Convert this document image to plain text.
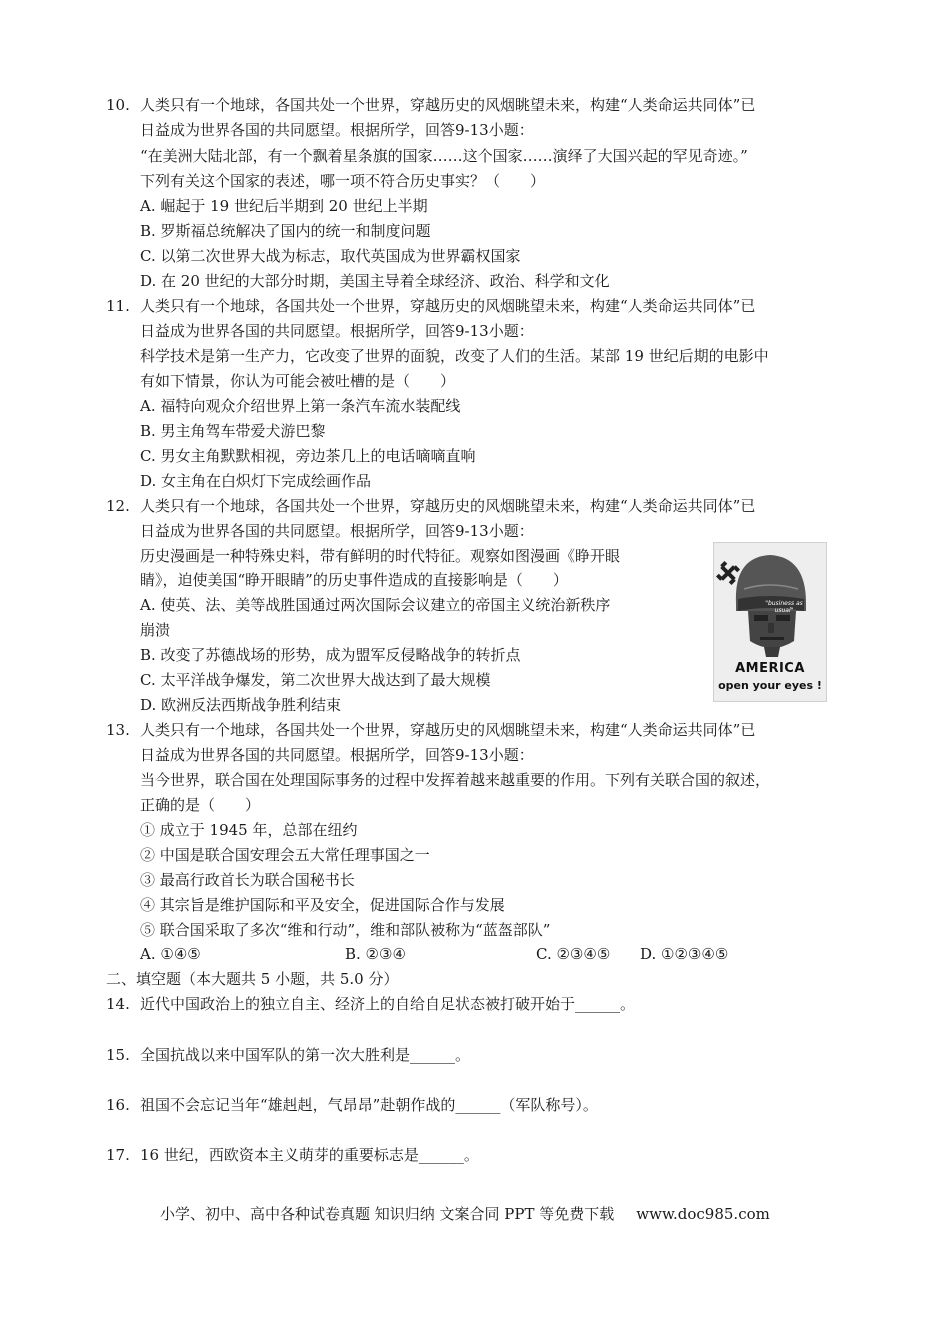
10. 人类只有一个地球，各国共处一个世界，穿越历史的风烟眺望未来，构建“人类命运共同体”已
日益成为世界各国的共同愿望。根据所学，回答9-13小题：
“在美洲大陆北部，有一个飘着星条旗的国家……这个国家……演绎了大国兴起的罕见奇迹。”
下列有关这个国家的表述，哪一项不符合历史事实？（　　）
A. 崛起于 19 世纪后半期到 20 世纪上半期
B. 罗斯福总统解决了国内的统一和制度问题
C. 以第二次世界大战为标志，取代英国成为世界霸权国家
D. 在 20 世纪的大部分时期，美国主导着全球经济、政治、科学和文化
11. 人类只有一个地球，各国共处一个世界，穿越历史的风烟眺望未来，构建“人类命运共同体”已
日益成为世界各国的共同愿望。根据所学，回答9-13小题：
科学技术是第一生产力，它改变了世界的面貌，改变了人们的生活。某部 19 世纪后期的电影中
有如下情景，你认为可能会被吐槽的是（　　）
A. 福特向观众介绍世界上第一条汽车流水装配线
B. 男主角驾车带爱犬游巴黎
C. 男女主角默默相视，旁边茶几上的电话嘀嘀直响
D. 女主角在白炽灯下完成绘画作品
12. 人类只有一个地球，各国共处一个世界，穿越历史的风烟眺望未来，构建“人类命运共同体”已
日益成为世界各国的共同愿望。根据所学，回答9-13小题：
历史漫画是一种特殊史料，带有鲜明的时代特征。观察如图漫画《睁开眼
睛》，迫使美国“睁开眼睛”的历史事件造成的直接影响是（　　）
A. 使英、法、美等战胜国通过两次国际会议建立的帝国主义统治新秩序
崩溃
B. 改变了苏德战场的形势，成为盟军反侵略战争的转折点
C. 太平洋战争爆发，第二次世界大战达到了最大规模
D. 欧洲反法西斯战争胜利结束
"business as usual"
AMERICA
open your eyes !
13. 人类只有一个地球，各国共处一个世界，穿越历史的风烟眺望未来，构建“人类命运共同体”已
日益成为世界各国的共同愿望。根据所学，回答9-13小题：
当今世界，联合国在处理国际事务的过程中发挥着越来越重要的作用。下列有关联合国的叙述，
正确的是（　　）
① 成立于 1945 年，总部在纽约
② 中国是联合国安理会五大常任理事国之一
③ 最高行政首长为联合国秘书长
④ 其宗旨是维护国际和平及安全，促进国际合作与发展
⑤ 联合国采取了多次“维和行动”，维和部队被称为“蓝盔部队”
A. ①④⑤	B. ②③④	C. ②③④⑤ D. ①②③④⑤
二、填空题（本大题共 5 小题，共 5.0 分）
14. 近代中国政治上的独立自主、经济上的自给自足状态被打破开始于______。
15. 全国抗战以来中国军队的第一次大胜利是______。
16. 祖国不会忘记当年“雄赳赳，气昂昂”赴朝作战的______（军队称号）。
17. 16 世纪，西欧资本主义萌芽的重要标志是______。
小学、初中、高中各种试卷真题 知识归纳 文案合同 PPT 等免费下载 www.doc985.com
